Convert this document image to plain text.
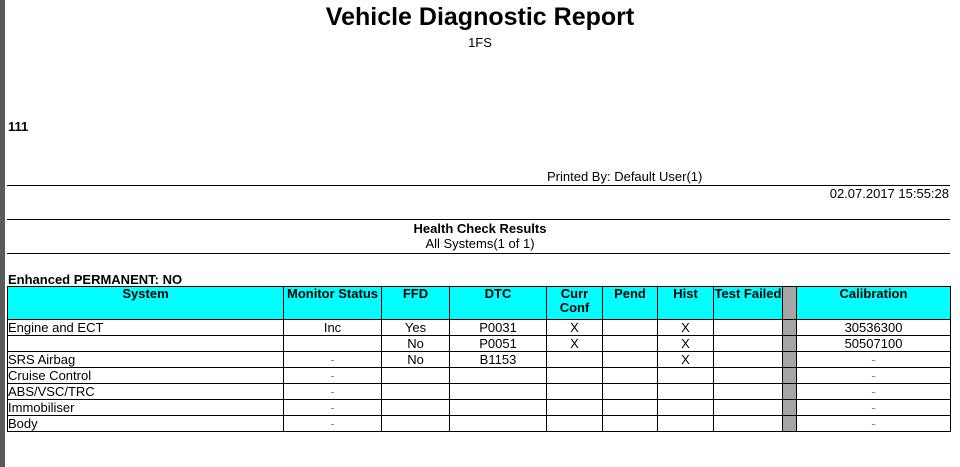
Vehicle Diagnostic Report
1FS
111
Printed By: Default User(1)
02.07.2017 15:55:28
Health Check Results
All Systems(1 of 1)
Enhanced PERMANENT: NO
System	Monitor Status	FFD	DTC	Curr Conf	Pend	Hist	Test Failed		Calibration
Engine and ECT	Inc	Yes	P0031	X		X			30536300
		No	P0051	X		X			50507100
SRS Airbag	-	No	B1153			X			-
Cruise Control	-								-
ABS/VSC/TRC	-								-
Immobiliser	-								-
Body	-								-
